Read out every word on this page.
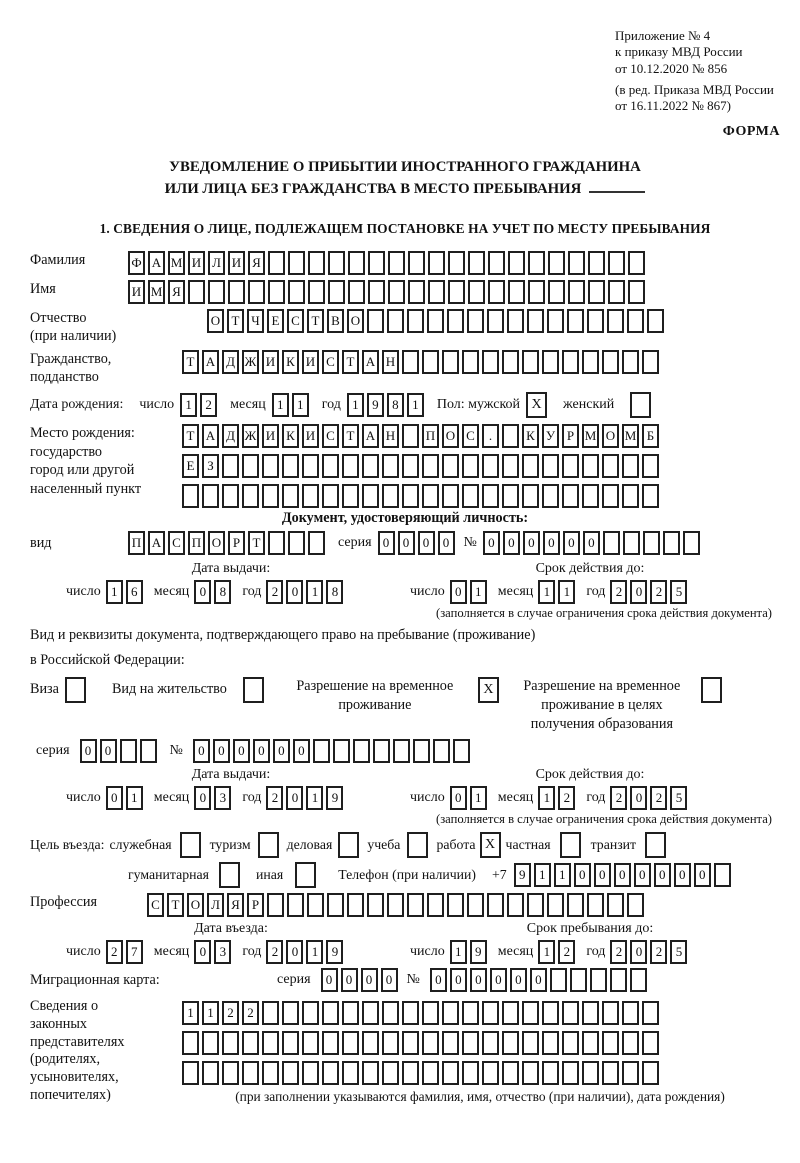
Приложение № 4
к приказу МВД России
от 10.12.2020 № 856
(в ред. Приказа МВД России
от 16.11.2022 № 867)
ФОРМА
УВЕДОМЛЕНИЕ О ПРИБЫТИИ ИНОСТРАННОГО ГРАЖДАНИНА
ИЛИ ЛИЦА БЕЗ ГРАЖДАНСТВА В МЕСТО ПРЕБЫВАНИЯ
1. СВЕДЕНИЯ О ЛИЦЕ, ПОДЛЕЖАЩЕМ ПОСТАНОВКЕ НА УЧЕТ ПО МЕСТУ ПРЕБЫВАНИЯ
Фамилия	Ф А М И Л И Я
Имя	И М Я
Отчество
(при наличии)
О Т Ч Е С Т В О
Гражданство,
подданство
Т А Д Ж И К И С Т А Н
Дата рождения: число 1	2	месяц 1	1	год 1	9	8	1	Пол: мужской X	женский
Место рождения:
государство
город или другой
населенный пункт
Т А Д Ж И К И С Т А Н П О С	.	К У Р М О М Б
Е З
Документ, удостоверяющий личность:
вид	П А С П О Р Т	серия 0	0	0	0	№ 0	0	0	0	0	0
Дата выдачи:
число 1	6	месяц 0	8	год 2	0	1	8
Срок действия до:
число 0	1	месяц 1	1	год 2	0	2	5
(заполняется в случае ограничения срока действия документа)
Вид и реквизиты документа, подтверждающего право на пребывание (проживание)
в Российской Федерации:
Виза	Вид на жительство	Разрешение на временное
проживание
X	Разрешение на временное
проживание в целях
получения образования
серия	0	0	№	0	0	0	0	0	0
Дата выдачи:
число 0	1	месяц 0	3	год 2	0	1	9
Срок действия до:
число 0	1	месяц 1	2	год 2	0	2	5
(заполняется в случае ограничения срока действия документа)
Цель въезда: служебная	туризм	деловая	учеба	работа X частная	транзит
гуманитарная	иная	Телефон (при наличии) +7 9	1	1	0	0	0	0	0	0	0
Профессия	С Т О Л Я Р
Дата въезда:
число 2	7	месяц 0	3	год 2	0	1	9
Срок пребывания до:
число 1	9	месяц 1	2	год 2	0	2	5
Миграционная карта:	серия	0	0	0	0	№	0	0	0	0	0	0
Сведения о
законных
представителях
(родителях,
усыновителях,
попечителях)
1	1	2	2
(при заполнении указываются фамилия, имя, отчество (при наличии), дата рождения)
